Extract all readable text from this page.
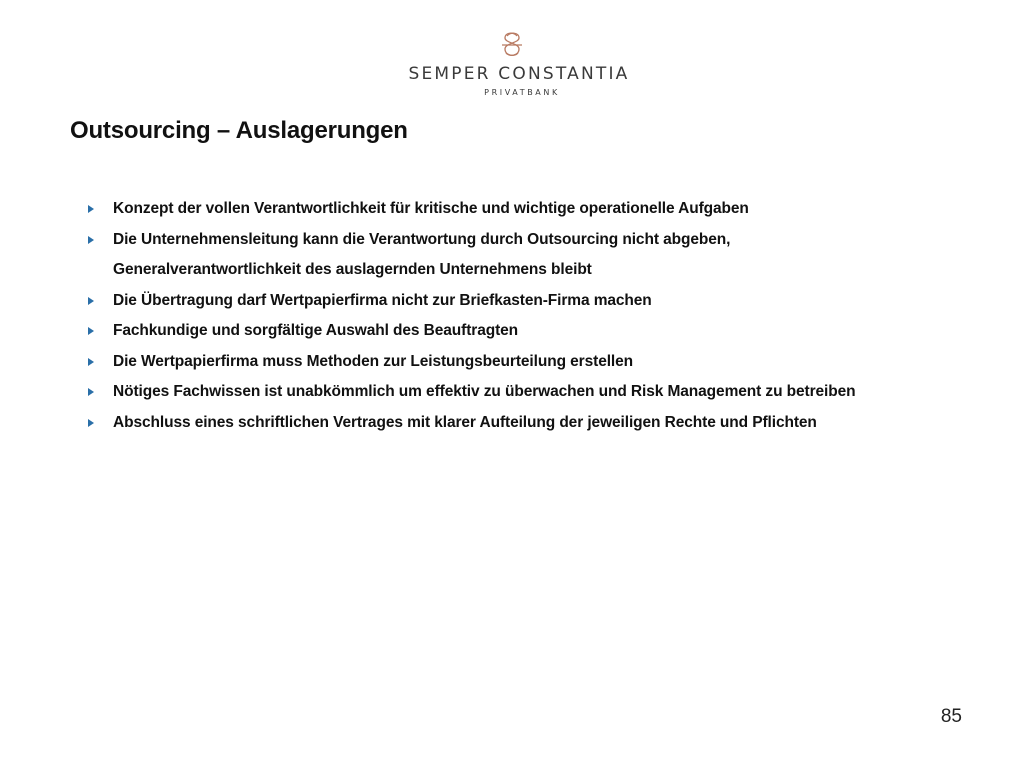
SEMPER CONSTANTIA
PRIVATBANK
Outsourcing – Auslagerungen
Konzept der vollen Verantwortlichkeit für kritische und wichtige operationelle Aufgaben
Die Unternehmensleitung kann die Verantwortung durch Outsourcing nicht abgeben,
Generalverantwortlichkeit des auslagernden Unternehmens bleibt
Die Übertragung darf Wertpapierfirma nicht zur Briefkasten-Firma machen
Fachkundige und sorgfältige Auswahl des Beauftragten
Die Wertpapierfirma muss Methoden zur Leistungsbeurteilung erstellen
Nötiges Fachwissen ist unabkömmlich um effektiv zu überwachen und Risk Management zu betreiben
Abschluss eines schriftlichen Vertrages mit klarer Aufteilung der jeweiligen Rechte und Pflichten
85
